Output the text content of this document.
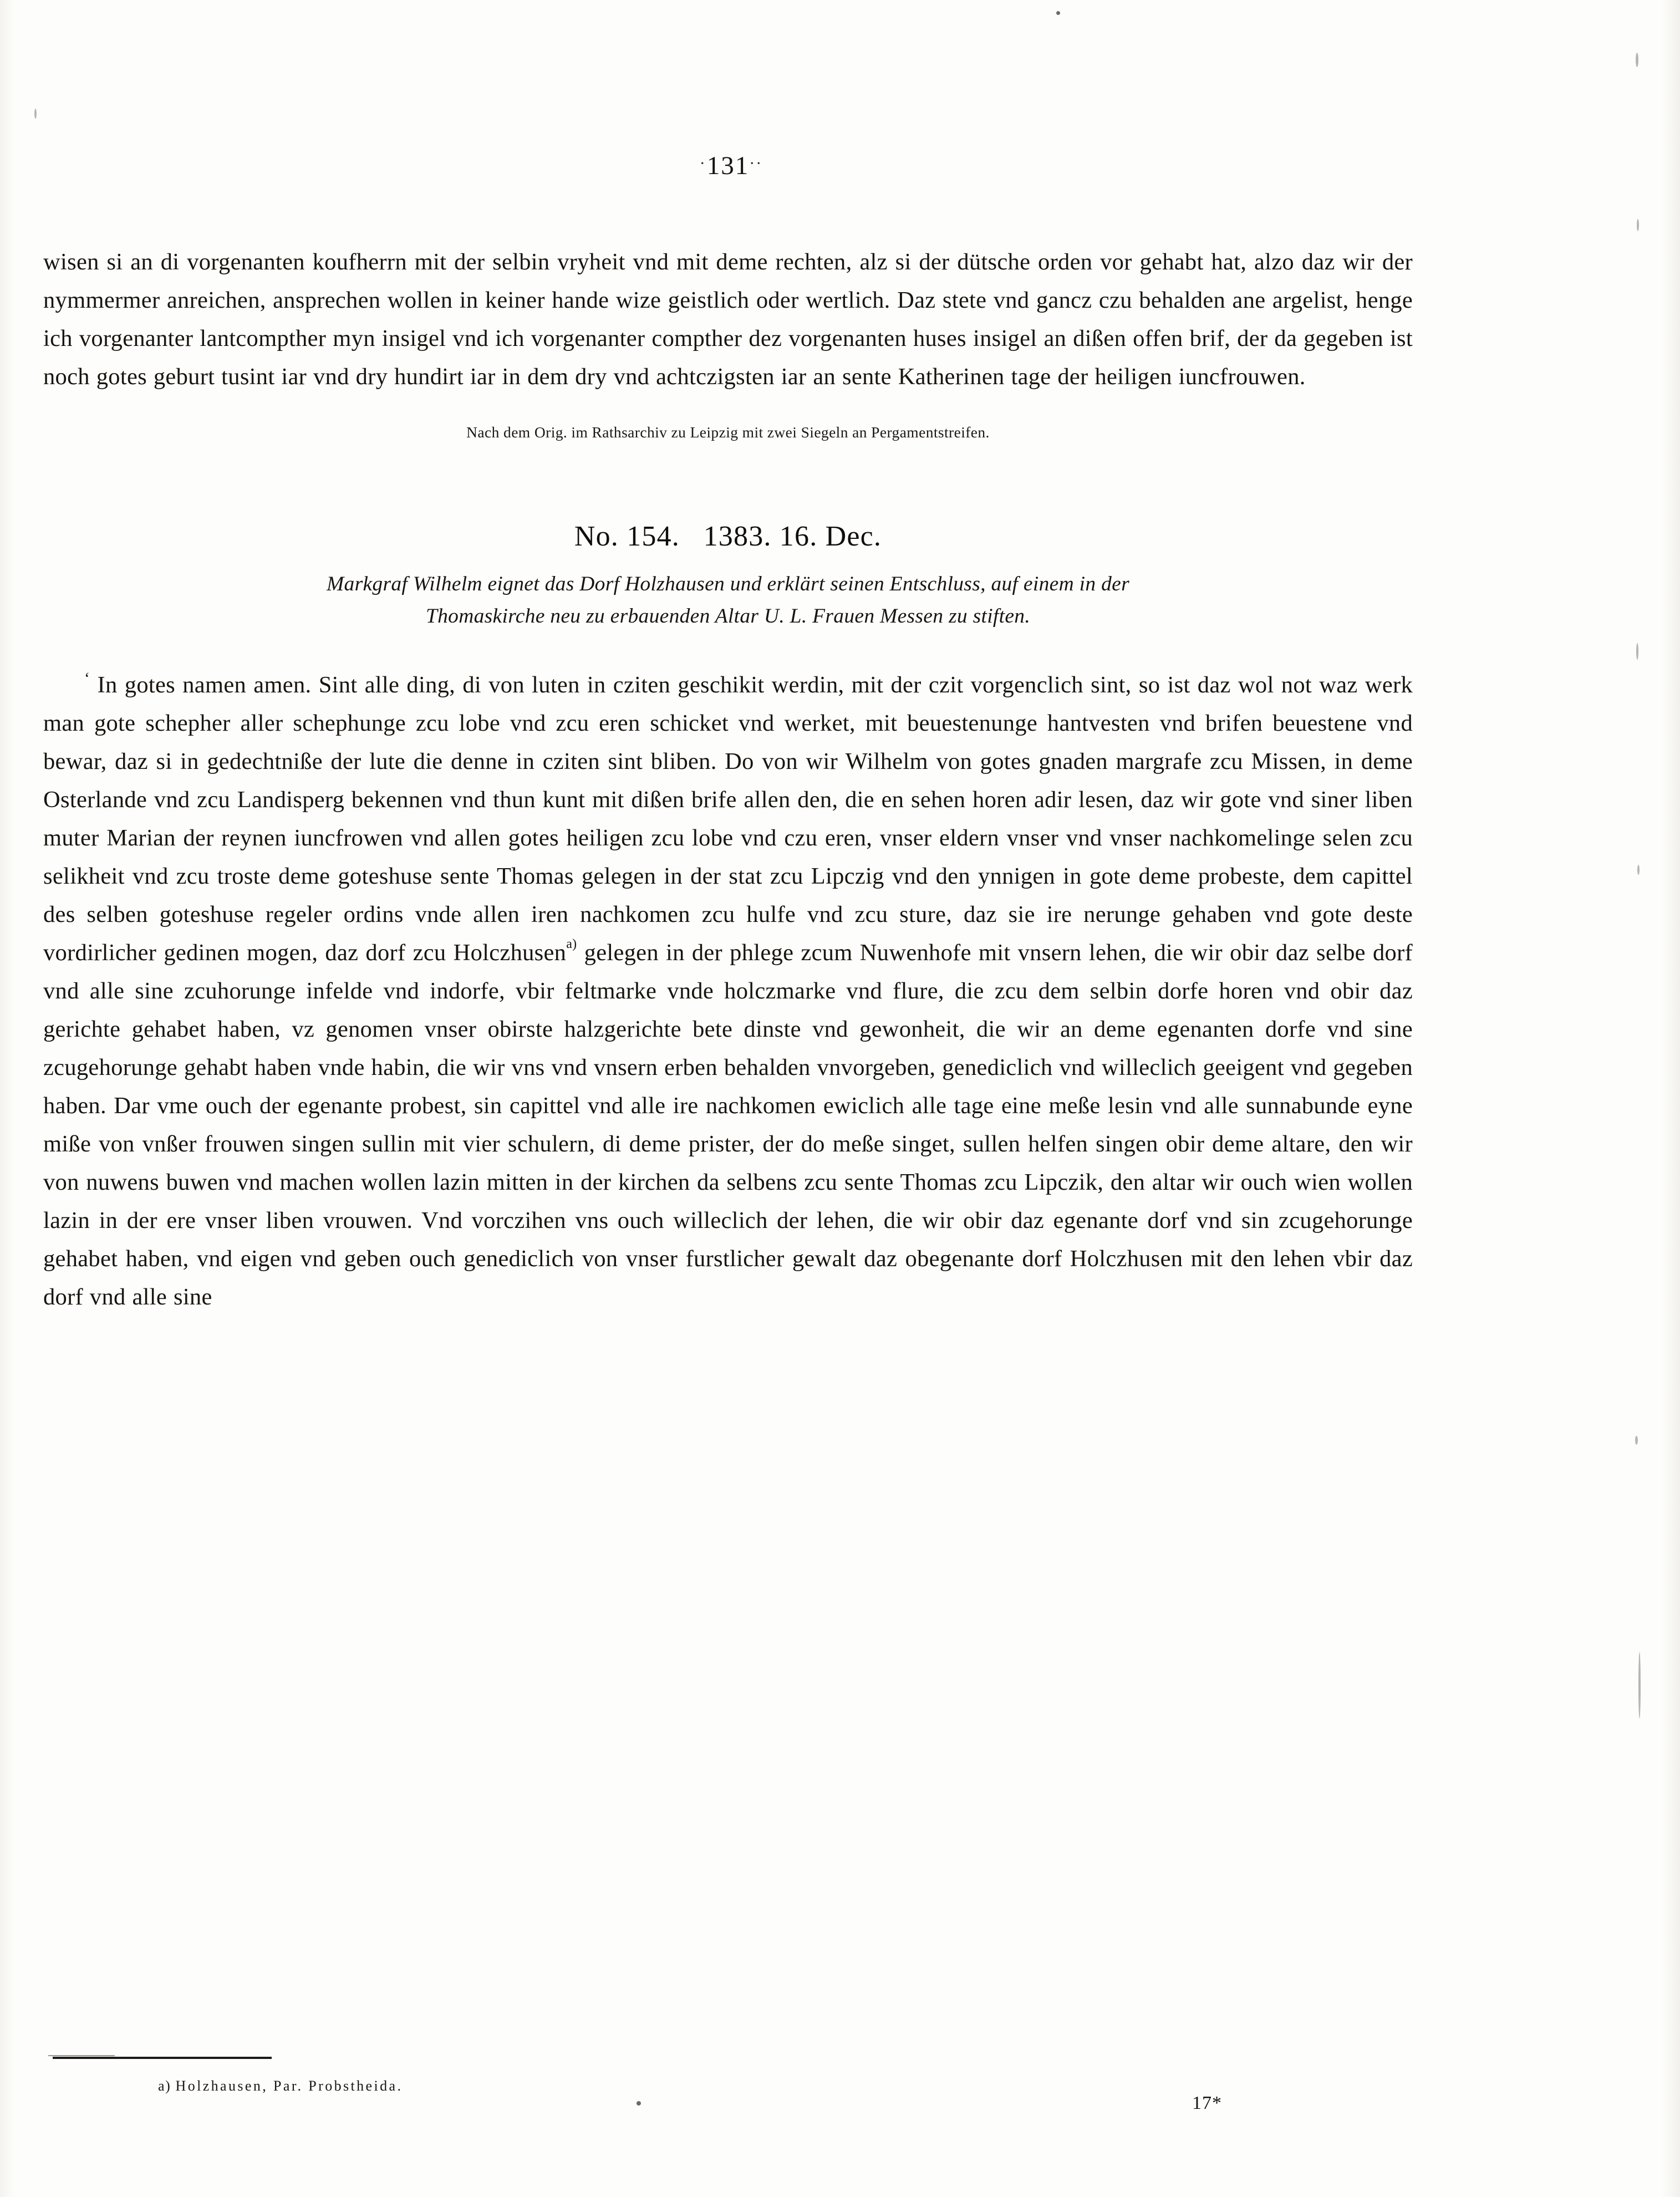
·131··

wisen si an di vorgenanten koufherrn mit der selbin vryheit vnd mit deme rechten, alz si der dütsche orden vor gehabt hat, alzo daz wir der nymmermer anreichen, ansprechen wollen in keiner hande wize geistlich oder wertlich. Daz stete vnd gancz czu behalden ane argelist, henge ich vorgenanter lantcompther myn insigel vnd ich vorgenanter compther dez vorgenanten huses insigel an dißen offen brif, der da gegeben ist noch gotes geburt tusint iar vnd dry hundirt iar in dem dry vnd achtczigsten iar an sente Katherinen tage der heiligen iuncfrouwen.

Nach dem Orig. im Rathsarchiv zu Leipzig mit zwei Siegeln an Pergamentstreifen.
No. 154.   1383. 16. Dec.
Markgraf Wilhelm eignet das Dorf Holzhausen und erklärt seinen Entschluss, auf einem in der
Thomaskirche neu zu erbauenden Altar U. L. Frauen Messen zu stiften.

‘ In gotes namen amen. Sint alle ding, di von luten in cziten geschikit werdin, mit der czit vorgenclich sint, so ist daz wol not waz werk man gote schepher aller schephunge zcu lobe vnd zcu eren schicket vnd werket, mit beuestenunge hantvesten vnd brifen beuestene vnd bewar, daz si in gedechtniße der lute die denne in cziten sint bliben. Do von wir Wilhelm von gotes gnaden margrafe zcu Missen, in deme Osterlande vnd zcu Landisperg bekennen vnd thun kunt mit dißen brife allen den, die en sehen horen adir lesen, daz wir gote vnd siner liben muter Marian der reynen iuncfrowen vnd allen gotes heiligen zcu lobe vnd czu eren, vnser eldern vnser vnd vnser nachkomelinge selen zcu selikheit vnd zcu troste deme goteshuse sente Thomas gelegen in der stat zcu Lipczig vnd den ynnigen in gote deme probeste, dem capittel des selben goteshuse regeler ordins vnde allen iren nachkomen zcu hulfe vnd zcu sture, daz sie ire nerunge gehaben vnd gote deste vordirlicher gedinen mogen, daz dorf zcu Holczhusen$^{a)}$ gelegen in der phlege zcum Nuwenhofe mit vnsern lehen, die wir obir daz selbe dorf vnd alle sine zcuhorunge infelde vnd indorfe, vbir feltmarke vnde holczmarke vnd flure, die zcu dem selbin dorfe horen vnd obir daz gerichte gehabet haben, vz genomen vnser obirste halzgerichte bete dinste vnd gewonheit, die wir an deme egenanten dorfe vnd sine zcugehorunge gehabt haben vnde habin, die wir vns vnd vnsern erben behalden vnvorgeben, genediclich vnd willeclich geeigent vnd gegeben haben. Dar vme ouch der egenante probest, sin capittel vnd alle ire nachkomen ewiclich alle tage eine meße lesin vnd alle sunnabunde eyne miße von vnßer frouwen singen sullin mit vier schulern, di deme prister, der do meße singet, sullen helfen singen obir deme altare, den wir von nuwens buwen vnd machen wollen lazin mitten in der kirchen da selbens zcu sente Thomas zcu Lipczik, den altar wir ouch wien wollen lazin in der ere vnser liben vrouwen. Vnd vorczihen vns ouch willeclich der lehen, die wir obir daz egenante dorf vnd sin zcugehorunge gehabet haben, vnd eigen vnd geben ouch genediclich von vnser furstlicher gewalt daz obegenante dorf Holczhusen mit den lehen vbir daz dorf vnd alle sine

a) Holzhausen, Par. Probstheida.
17*
